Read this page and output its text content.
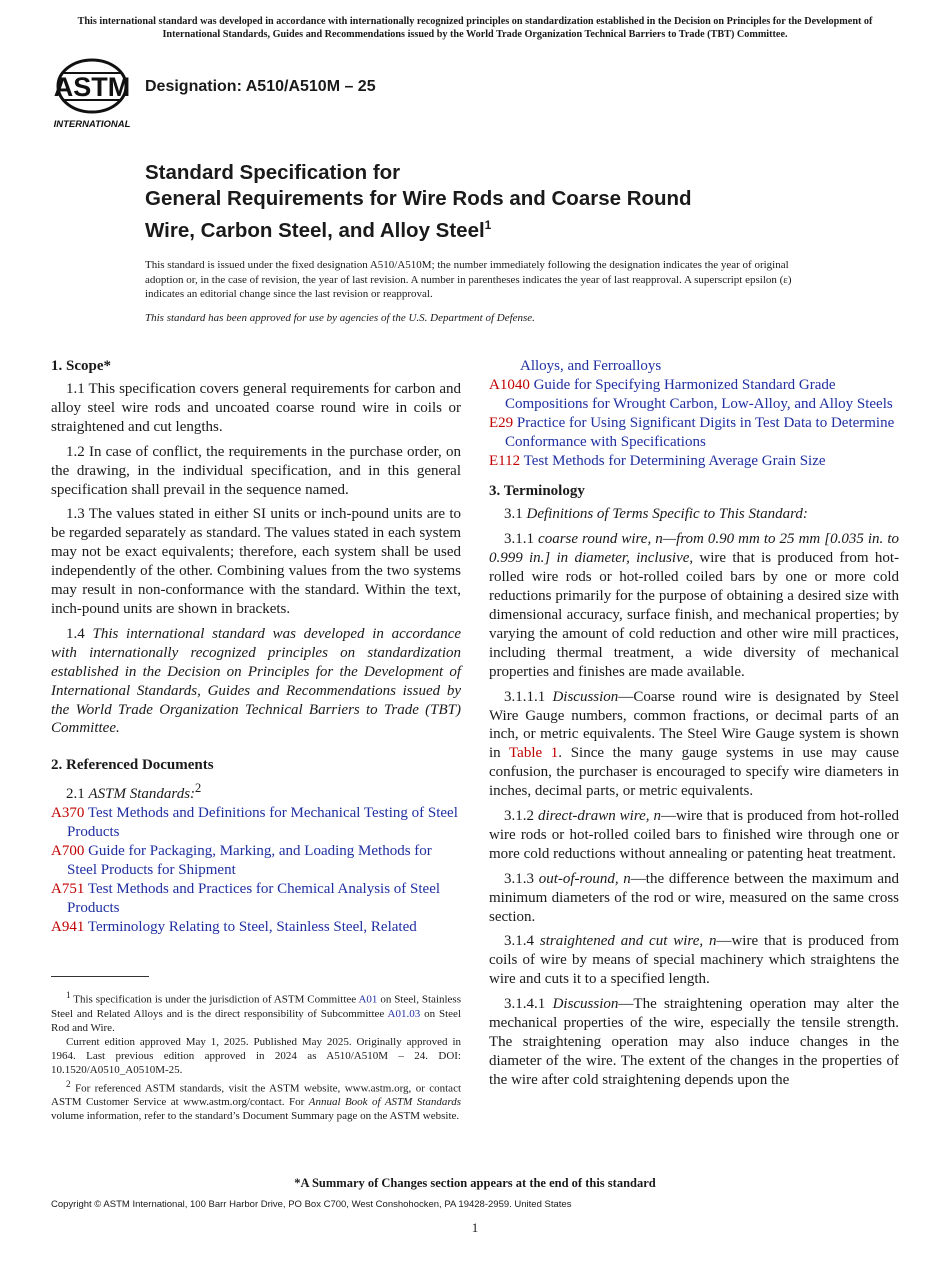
This international standard was developed in accordance with internationally recognized principles on standardization established in the Decision on Principles for the Development of International Standards, Guides and Recommendations issued by the World Trade Organization Technical Barriers to Trade (TBT) Committee.
ASTM
INTERNATIONAL
Designation: A510/A510M – 25
Standard Specification for
General Requirements for Wire Rods and Coarse Round
Wire, Carbon Steel, and Alloy Steel$^1$
This standard is issued under the fixed designation A510/A510M; the number immediately following the designation indicates the year of original adoption or, in the case of revision, the year of last revision. A number in parentheses indicates the year of last reapproval. A superscript epsilon (ε) indicates an editorial change since the last revision or reapproval.
This standard has been approved for use by agencies of the U.S. Department of Defense.
1. Scope*

1.1 This specification covers general requirements for carbon and alloy steel wire rods and uncoated coarse round wire in coils or straightened and cut lengths.

1.2 In case of conflict, the requirements in the purchase order, on the drawing, in the individual specification, and in this general specification shall prevail in the sequence named.

1.3 The values stated in either SI units or inch-pound units are to be regarded separately as standard. The values stated in each system may not be exact equivalents; therefore, each system shall be used independently of the other. Combining values from the two systems may result in non-conformance with the standard. Within the text, inch-pound units are shown in brackets.

1.4 This international standard was developed in accordance with internationally recognized principles on standardization established in the Decision on Principles for the Development of International Standards, Guides and Recommendations issued by the World Trade Organization Technical Barriers to Trade (TBT) Committee.

2. Referenced Documents

2.1 ASTM Standards:$^2$

A370 Test Methods and Definitions for Mechanical Testing of Steel Products
A700 Guide for Packaging, Marking, and Loading Methods for Steel Products for Shipment
A751 Test Methods and Practices for Chemical Analysis of Steel Products
A941 Terminology Relating to Steel, Stainless Steel, Related

$^1$ This specification is under the jurisdiction of ASTM Committee A01 on Steel, Stainless Steel and Related Alloys and is the direct responsibility of Subcommittee A01.03 on Steel Rod and Wire.

Current edition approved May 1, 2025. Published May 2025. Originally approved in 1964. Last previous edition approved in 2024 as A510/A510M – 24. DOI: 10.1520/A0510_A0510M-25.

$^2$ For referenced ASTM standards, visit the ASTM website, www.astm.org, or contact ASTM Customer Service at www.astm.org/contact. For Annual Book of ASTM Standards volume information, refer to the standard’s Document Summary page on the ASTM website.

Alloys, and Ferroalloys
A1040 Guide for Specifying Harmonized Standard Grade Compositions for Wrought Carbon, Low-Alloy, and Alloy Steels
E29 Practice for Using Significant Digits in Test Data to Determine Conformance with Specifications
E112 Test Methods for Determining Average Grain Size
3. Terminology

3.1 Definitions of Terms Specific to This Standard:

3.1.1 coarse round wire, n—from 0.90 mm to 25 mm [0.035 in. to 0.999 in.] in diameter, inclusive, wire that is produced from hot-rolled wire rods or hot-rolled coiled bars by one or more cold reductions primarily for the purpose of obtaining a desired size with dimensional accuracy, surface finish, and mechanical properties; by varying the amount of cold reduction and other wire mill practices, including thermal treatment, a wide diversity of mechanical properties and finishes are made available.

3.1.1.1 Discussion—Coarse round wire is designated by Steel Wire Gauge numbers, common fractions, or decimal parts of an inch, or metric equivalents. The Steel Wire Gauge system is shown in Table 1. Since the many gauge systems in use may cause confusion, the purchaser is encouraged to specify wire diameters in inches, decimal parts, or metric equivalents.

3.1.2 direct-drawn wire, n—wire that is produced from hot-rolled wire rods or hot-rolled coiled bars to finished wire through one or more cold reductions without annealing or patenting heat treatment.

3.1.3 out-of-round, n—the difference between the maximum and minimum diameters of the rod or wire, measured on the same cross section.

3.1.4 straightened and cut wire, n—wire that is produced from coils of wire by means of special machinery which straightens the wire and cuts it to a specified length.

3.1.4.1 Discussion—The straightening operation may alter the mechanical properties of the wire, especially the tensile strength. The straightening operation may also induce changes in the diameter of the wire. The extent of the changes in the properties of the wire after cold straightening depends upon the

*A Summary of Changes section appears at the end of this standard
Copyright © ASTM International, 100 Barr Harbor Drive, PO Box C700, West Conshohocken, PA 19428-2959. United States
1
